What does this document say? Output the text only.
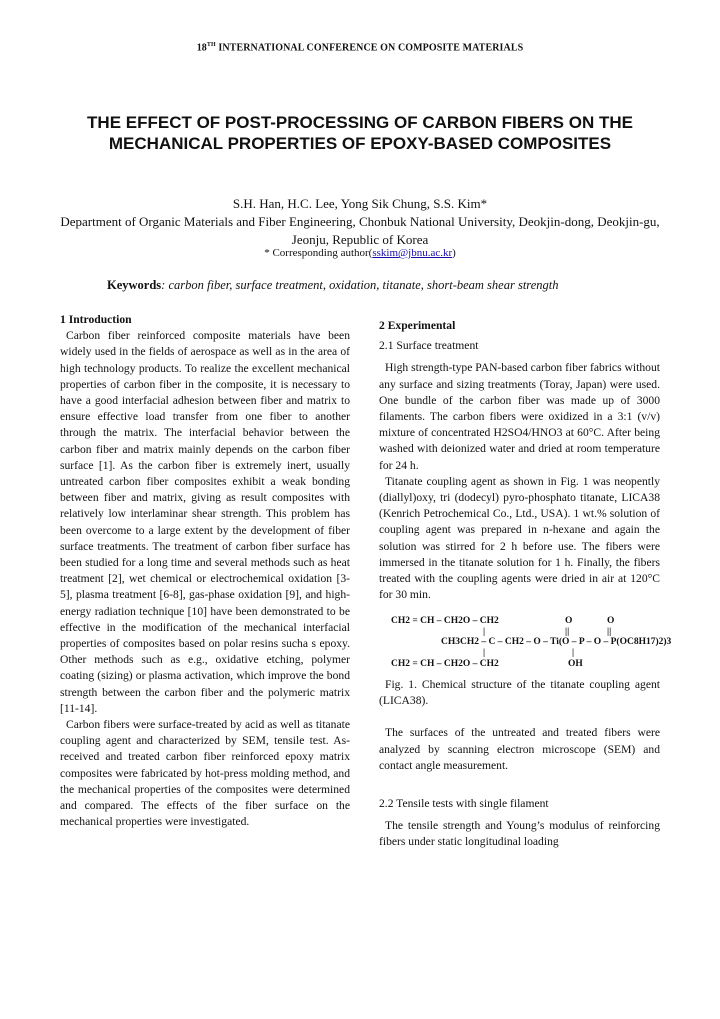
18TH INTERNATIONAL CONFERENCE ON COMPOSITE MATERIALS
THE EFFECT OF POST-PROCESSING OF CARBON FIBERS ON THE MECHANICAL PROPERTIES OF EPOXY-BASED COMPOSITES
S.H. Han, H.C. Lee, Yong Sik Chung, S.S. Kim*
Department of Organic Materials and Fiber Engineering, Chonbuk National University, Deokjin-dong, Deokjin-gu, Jeonju, Republic of Korea
* Corresponding author(sskim@jbnu.ac.kr)
Keywords: carbon fiber, surface treatment, oxidation, titanate, short-beam shear strength

1 Introduction

Carbon fiber reinforced composite materials have been widely used in the fields of aerospace as well as in the area of high technology products. To realize the excellent mechanical properties of carbon fiber in the composite, it is necessary to have a good interfacial adhesion between fiber and matrix to ensure effective load transfer from one fiber to another through the matrix. The interfacial behavior between the carbon fiber and matrix mainly depends on the carbon fiber surface [1]. As the carbon fiber is extremely inert, usually untreated carbon fiber composites exhibit a weak bonding between fiber and matrix, giving as result composites with relatively low interlaminar shear strength. This problem has been overcome to a large extent by the development of fiber surface treatments. The treatment of carbon fiber surface has been studied for a long time and several methods such as heat treatment [2], wet chemical or electrochemical oxidation [3-5], plasma treatment [6-8], gas-phase oxidation [9], and high-energy radiation technique [10] have been demonstrated to be effective in the modification of the mechanical interfacial properties of composites based on polar resins sucha s epoxy. Other methods such as e.g., oxidative etching, polymer coating (sizing) or plasma activation, which improve the bond strength between the carbon fiber and the polymeric matrix [11-14].

Carbon fibers were surface-treated by acid as well as titanate coupling agent and characterized by SEM, tensile test. As-received and treated carbon fiber reinforced epoxy matrix composites were fabricated by hot-press molding method, and the mechanical properties of the composites were determined and compared. The effects of the fiber surface on the mechanical properties were investigated.

2 Experimental

2.1 Surface treatment

High strength-type PAN-based carbon fiber fabrics without any surface and sizing treatments (Toray, Japan) were used. One bundle of the carbon fiber was made up of 3000 filaments. The carbon fibers were oxidized in a 3:1 (v/v) mixture of concentrated H2SO4/HNO3 at 60°C. After being washed with deionized water and dried at room temperature for 24 h.

Titanate coupling agent as shown in Fig. 1 was neopently (diallyl)oxy, tri (dodecyl) pyro-phosphato titanate, LICA38 (Kenrich Petrochemical Co., Ltd., USA). 1 wt.% solution of coupling agent was prepared in n-hexane and again the solution was stirred for 2 h before use. The fibers were immersed in the titanate solution for 1 h. Finally, the fibers treated with the coupling agents were dried in air at 120°C for 30 min.

CH2 = CH – CH2O – CH2	O	O
|	||	||
CH3CH2 – C – CH2 – O – Ti(O – P – O – P(OC8H17)2)3
|	|
CH2 = CH – CH2O – CH2	OH

Fig. 1. Chemical structure of the titanate coupling agent (LICA38).

The surfaces of the untreated and treated fibers were analyzed by scanning electron microscope (SEM) and contact angle measurement.

2.2 Tensile tests with single filament

The tensile strength and Young’s modulus of reinforcing fibers under static longitudinal loading
